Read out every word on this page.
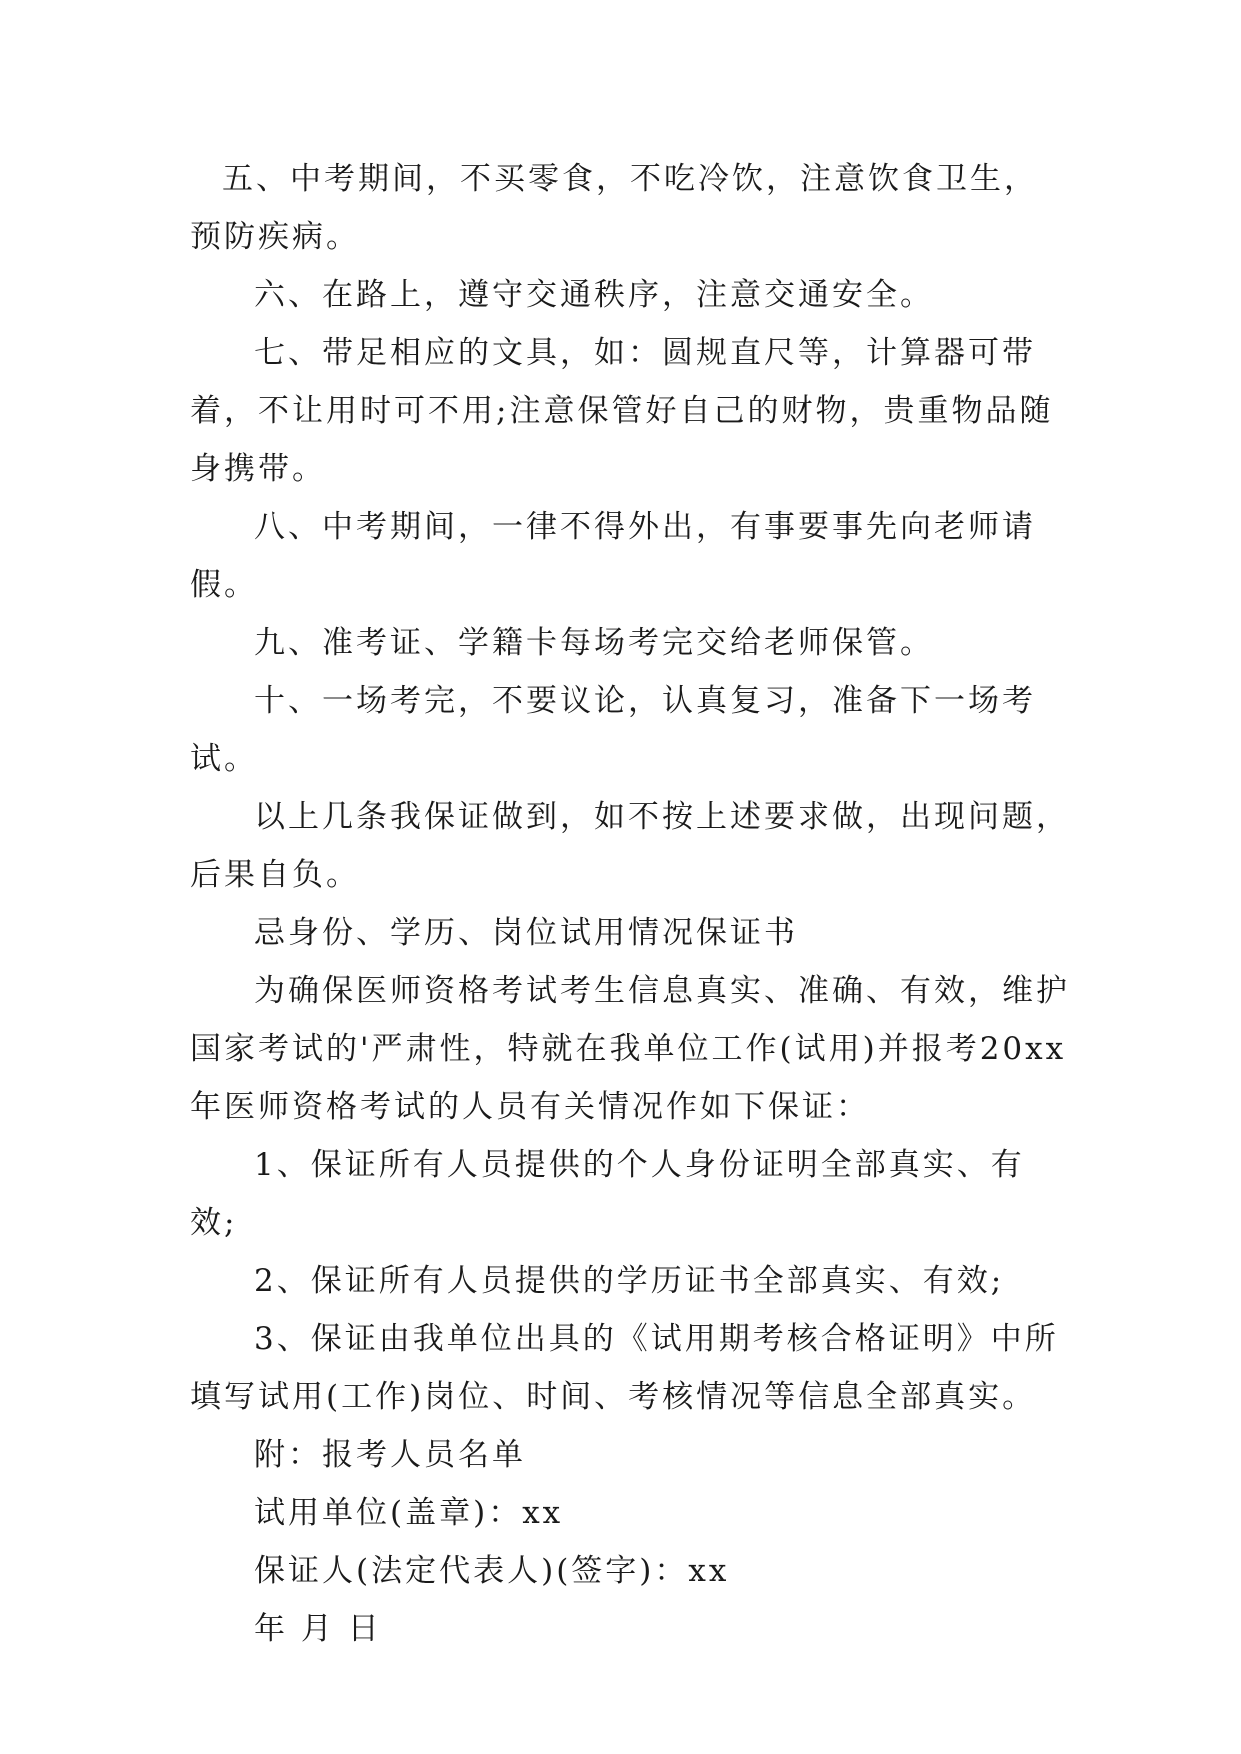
五、中考期间，不买零食，不吃冷饮，注意饮食卫生，预防疾病。

六、在路上，遵守交通秩序，注意交通安全。

七、带足相应的文具，如：圆规直尺等，计算器可带着，不让用时可不用;注意保管好自己的财物，贵重物品随身携带。

八、中考期间，一律不得外出，有事要事先向老师请假。

九、准考证、学籍卡每场考完交给老师保管。

十、一场考完，不要议论，认真复习，准备下一场考试。

以上几条我保证做到，如不按上述要求做，出现问题，后果自负。

忌身份、学历、岗位试用情况保证书

为确保医师资格考试考生信息真实、准确、有效，维护国家考试的'严肃性，特就在我单位工作(试用)并报考20xx年医师资格考试的人员有关情况作如下保证：

1、保证所有人员提供的个人身份证明全部真实、有效;

2、保证所有人员提供的学历证书全部真实、有效;

3、保证由我单位出具的《试用期考核合格证明》中所填写试用(工作)岗位、时间、考核情况等信息全部真实。

附：报考人员名单

试用单位(盖章)：xx

保证人(法定代表人)(签字)：xx

年 月 日
